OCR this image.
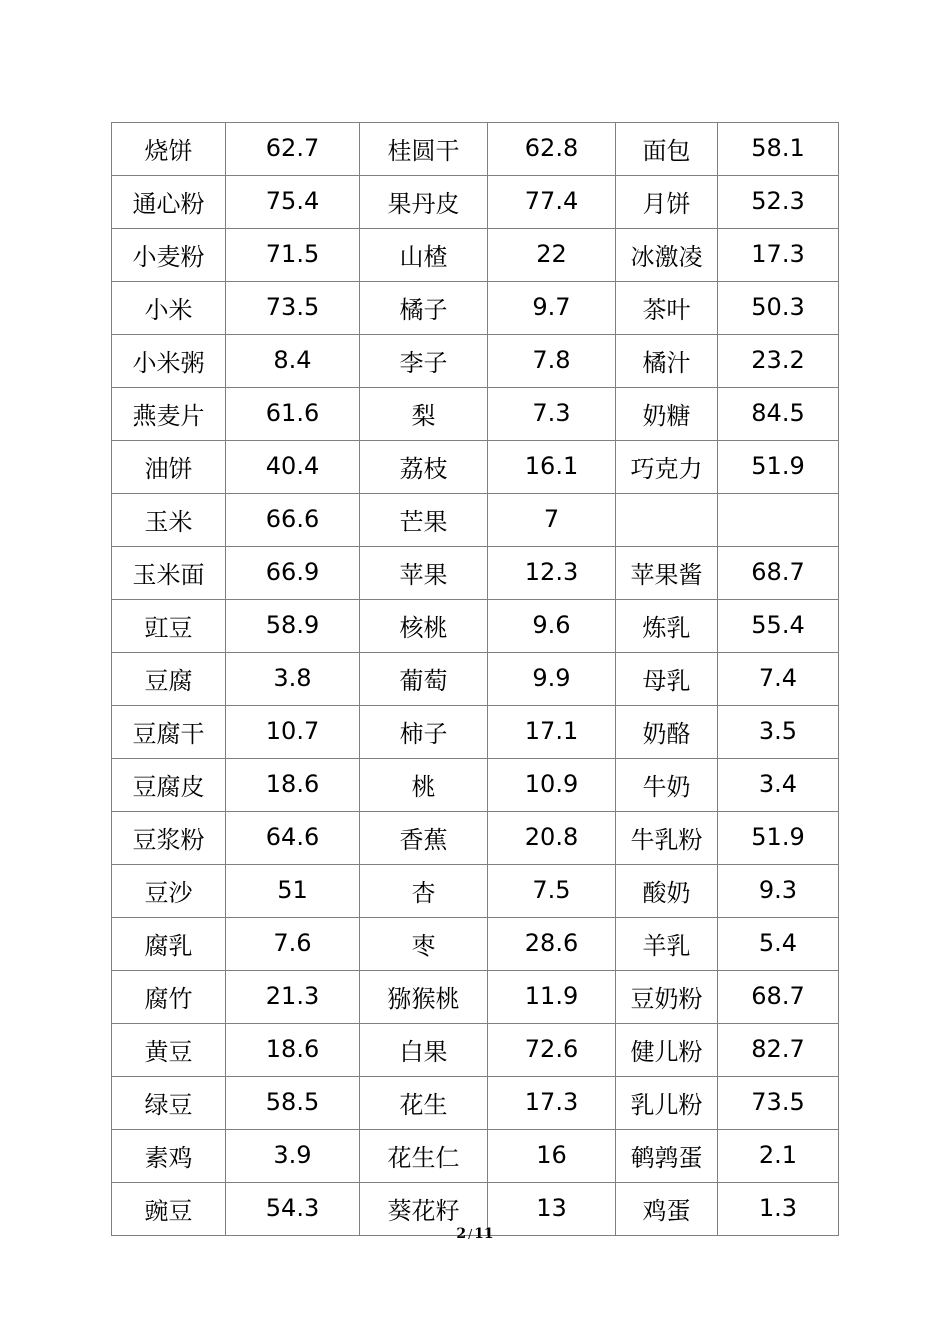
烧饼	62.7	桂圆干	62.8	面包	58.1
通心粉	75.4	果丹皮	77.4	月饼	52.3
小麦粉	71.5	山楂	22	冰激凌	17.3
小米	73.5	橘子	9.7	茶叶	50.3
小米粥	8.4	李子	7.8	橘汁	23.2
燕麦片	61.6	梨	7.3	奶糖	84.5
油饼	40.4	荔枝	16.1	巧克力	51.9
玉米	66.6	芒果	7		
玉米面	66.9	苹果	12.3	苹果酱	68.7
豇豆	58.9	核桃	9.6	炼乳	55.4
豆腐	3.8	葡萄	9.9	母乳	7.4
豆腐干	10.7	柿子	17.1	奶酪	3.5
豆腐皮	18.6	桃	10.9	牛奶	3.4
豆浆粉	64.6	香蕉	20.8	牛乳粉	51.9
豆沙	51	杏	7.5	酸奶	9.3
腐乳	7.6	枣	28.6	羊乳	5.4
腐竹	21.3	猕猴桃	11.9	豆奶粉	68.7
黄豆	18.6	白果	72.6	健儿粉	82.7
绿豆	58.5	花生	17.3	乳儿粉	73.5
素鸡	3.9	花生仁	16	鹌鹑蛋	2.1
豌豆	54.3	葵花籽	13	鸡蛋	1.3
2 / 11
